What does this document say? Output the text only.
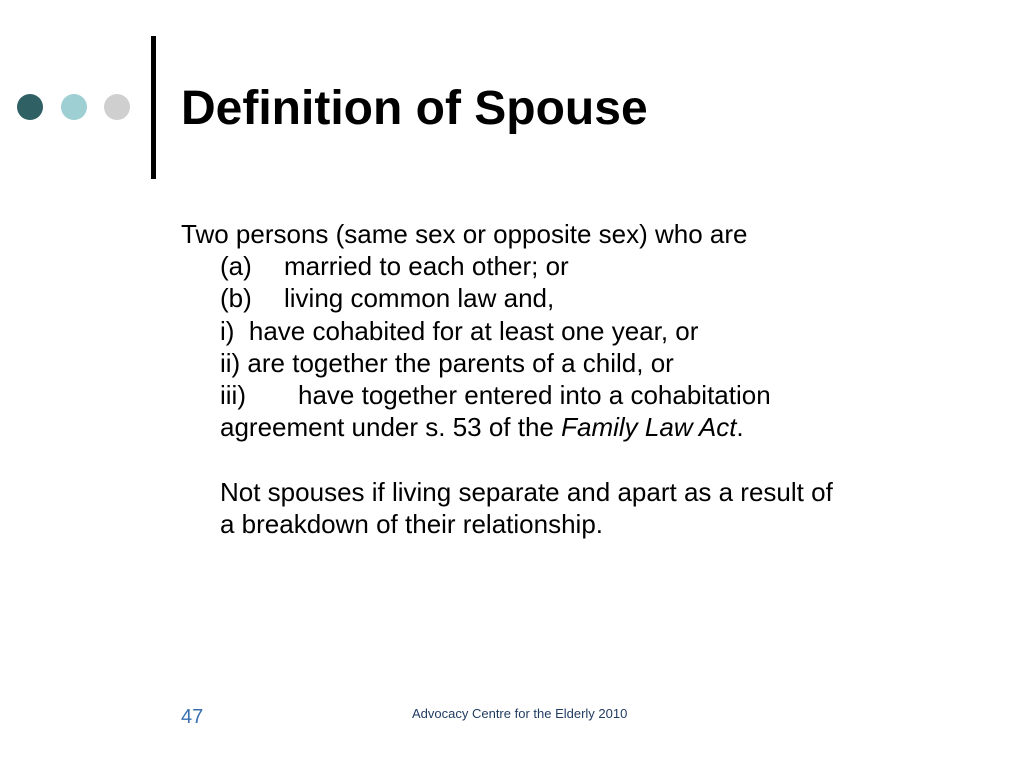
Definition of Spouse
Two persons (same sex or opposite sex) who are
(a) married to each other; or
(b) living common law and,
i)  have cohabited for at least one year, or
ii) are together the parents of a child, or
iii) have together entered into a cohabitation
agreement under s. 53 of the Family Law Act.
Not spouses if living separate and apart as a result of
a breakdown of their relationship.
47	Advocacy Centre for the Elderly 2010
